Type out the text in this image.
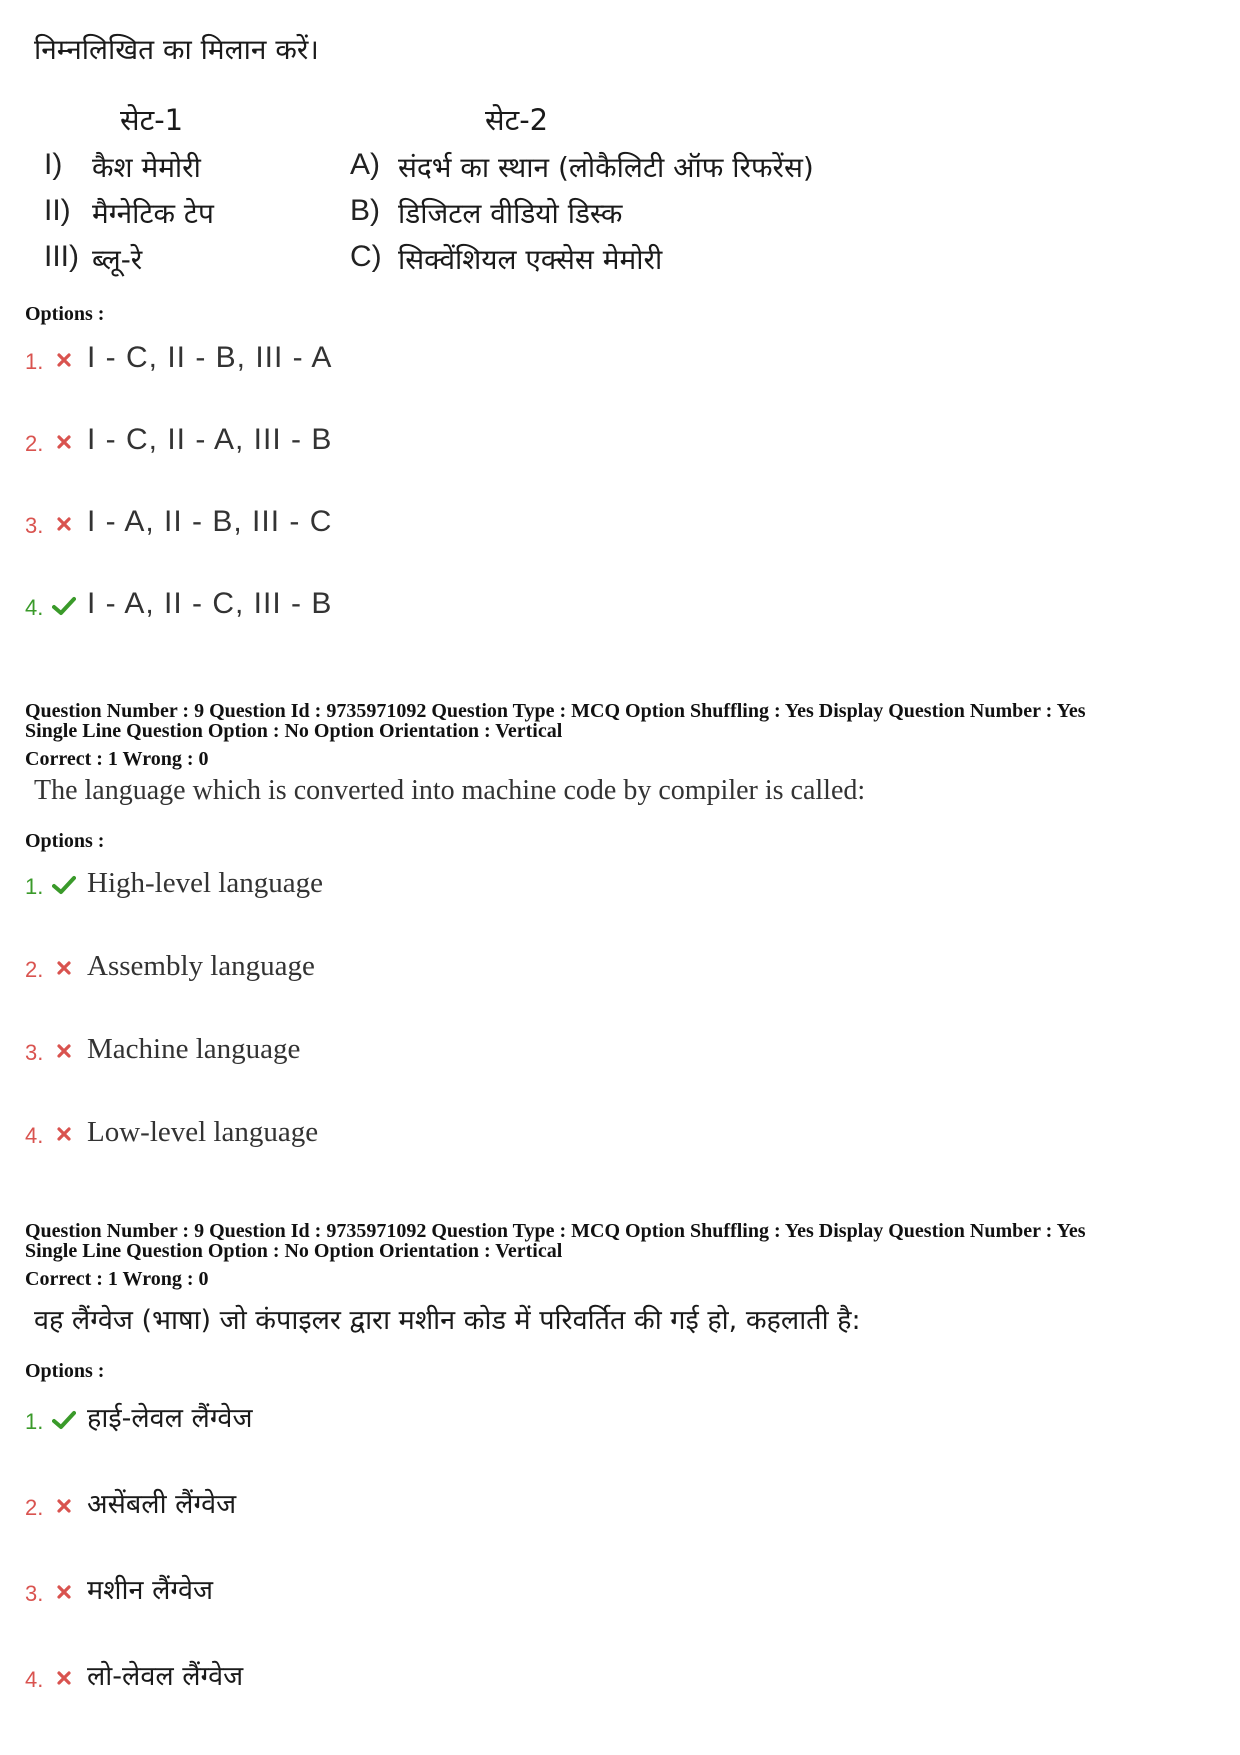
निम्नलिखित का मिलान करें।
सेट-1	सेट-2
I)	कैश मेमोरी
II) मैग्नेटिक टेप
III) ब्लू-रे
A) संदर्भ का स्थान (लोकैलिटी ऑफ रिफरेंस)
B) डिजिटल वीडियो डिस्क
C) सिक्वेंशियल एक्सेस मेमोरी
Options :
1. I - C, II - B, III - A
2. I - C, II - A, III - B
3. I - A, II - B, III - C
4. I - A, II - C, III - B
Question Number : 9 Question Id : 9735971092 Question Type : MCQ Option Shuffling : Yes Display Question Number : Yes
Single Line Question Option : No Option Orientation : Vertical
Correct : 1 Wrong : 0
The language which is converted into machine code by compiler is called:
Options :
1. High-level language
2. Assembly language
3. Machine language
4. Low-level language
Question Number : 9 Question Id : 9735971092 Question Type : MCQ Option Shuffling : Yes Display Question Number : Yes
Single Line Question Option : No Option Orientation : Vertical
Correct : 1 Wrong : 0
वह लैंग्वेज (भाषा) जो कंपाइलर द्वारा मशीन कोड में परिवर्तित की गई हो, कहलाती है:
Options :
1. हाई-लेवल लैंग्वेज
2. असेंबली लैंग्वेज
3. मशीन लैंग्वेज
4. लो-लेवल लैंग्वेज
